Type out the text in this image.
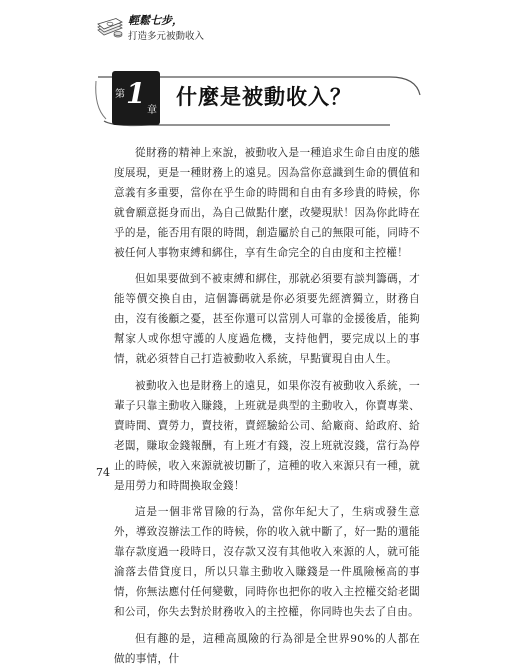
輕鬆七步，
打造多元被動收入
第 1
章
什麼是被動收入？

從財務的精神上來說，被動收入是一種追求生命自由度的態度展現，更是一種財務上的遠見。因為當你意識到生命的價值和意義有多重要，當你在乎生命的時間和自由有多珍貴的時候，你就會願意挺身而出，為自己做點什麼，改變現狀！因為你此時在乎的是，能否用有限的時間，創造屬於自己的無限可能，同時不被任何人事物束縛和綁住，享有生命完全的自由度和主控權！

但如果要做到不被束縛和綁住，那就必須要有談判籌碼，才能等價交換自由，這個籌碼就是你必須要先經濟獨立，財務自由，沒有後顧之憂，甚至你還可以當別人可靠的金援後盾，能夠幫家人或你想守護的人度過危機，支持他們，要完成以上的事情，就必須替自己打造被動收入系統，早點實現自由人生。

被動收入也是財務上的遠見，如果你沒有被動收入系統，一輩子只靠主動收入賺錢，上班就是典型的主動收入，你賣專業、賣時間、賣勞力，賣技術，賣經驗給公司、給廠商、給政府、給老闆，賺取金錢報酬，有上班才有錢，沒上班就沒錢，當行為停止的時候，收入來源就被切斷了，這種的收入來源只有一種，就是用勞力和時間換取金錢！

這是一個非常冒險的行為，當你年紀大了，生病或發生意外，導致沒辦法工作的時候，你的收入就中斷了，好一點的還能靠存款度過一段時日，沒存款又沒有其他收入來源的人，就可能淪落去借貸度日，所以只靠主動收入賺錢是一件風險極高的事情，你無法應付任何變數，同時你也把你的收入主控權交給老闆和公司，你失去對於財務收入的主控權，你同時也失去了自由。

但有趣的是，這種高風險的行為卻是全世界90%的人都在做的事情，什

74
